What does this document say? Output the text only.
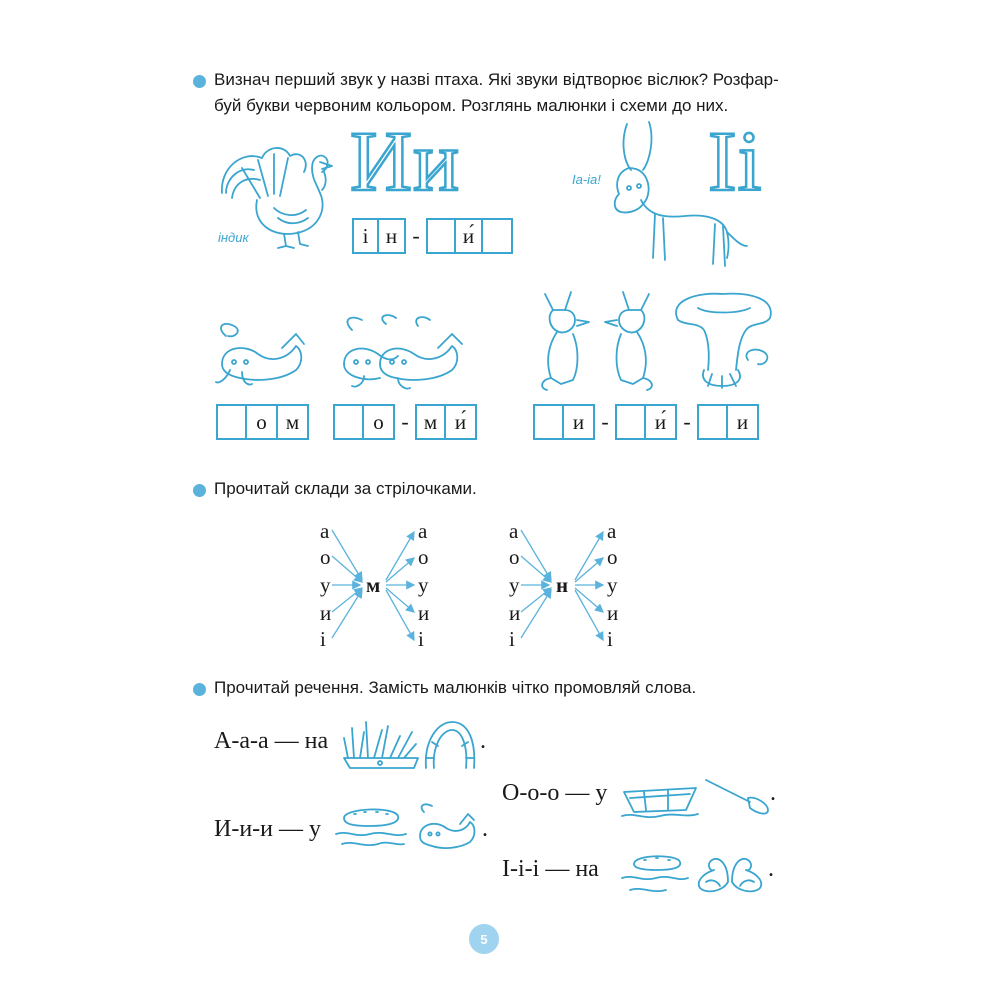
Визнач перший звук у назві птаха. Які звуки відтворює віслюк? Розфар-
буй букви червоним кольором. Розглянь малюнки і схеми до них.
індик
Ии
і н -	и́
Іа-іа! Іі
о м	о - м и́	и -	и́ -	и
Прочитай склади за стрілочками.
а
о
у
и
і
м
а
о
у
и
і
а
о
у
и
і
н
а
о
у
и
і
Прочитай речення. Замість малюнків чітко промовляй слова.
А-а-а — на	.
И-и-и — у	.
О-о-о — у	.
І-і-і — на	.
5
